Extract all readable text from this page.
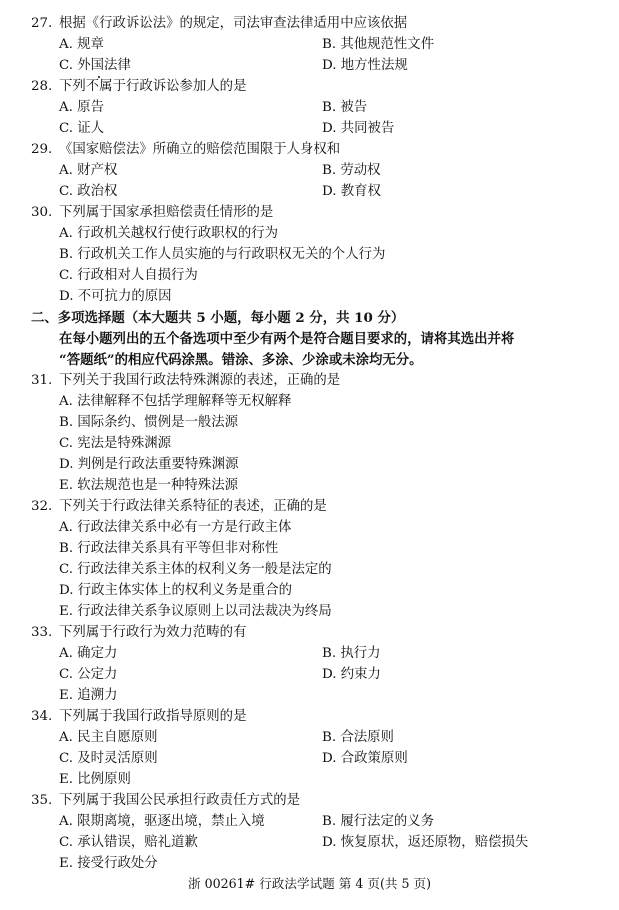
27. 根据《行政诉讼法》的规定，司法审查法律适用中应该依据
A. 规章	B. 其他规范性文件
C. 外国法律	D. 地方性法规
28. 下列不属于行政诉讼参加人的是
A. 原告	B. 被告
C. 证人	D. 共同被告
29. 《国家赔偿法》所确立的赔偿范围限于人身权和
A. 财产权	B. 劳动权
C. 政治权	D. 教育权
30. 下列属于国家承担赔偿责任情形的是
A. 行政机关越权行使行政职权的行为
B. 行政机关工作人员实施的与行政职权无关的个人行为
C. 行政相对人自损行为
D. 不可抗力的原因
二、多项选择题（本大题共 5 小题，每小题 2 分，共 10 分）
在每小题列出的五个备选项中至少有两个是符合题目要求的，请将其选出并将
“答题纸”的相应代码涂黑。错涂、多涂、少涂或未涂均无分。
31. 下列关于我国行政法特殊渊源的表述，正确的是
A. 法律解释不包括学理解释等无权解释
B. 国际条约、惯例是一般法源
C. 宪法是特殊渊源
D. 判例是行政法重要特殊渊源
E. 软法规范也是一种特殊法源
32. 下列关于行政法律关系特征的表述，正确的是
A. 行政法律关系中必有一方是行政主体
B. 行政法律关系具有平等但非对称性
C. 行政法律关系主体的权利义务一般是法定的
D. 行政主体实体上的权利义务是重合的
E. 行政法律关系争议原则上以司法裁决为终局
33. 下列属于行政行为效力范畴的有
A. 确定力	B. 执行力
C. 公定力	D. 约束力
E. 追溯力
34. 下列属于我国行政指导原则的是
A. 民主自愿原则	B. 合法原则
C. 及时灵活原则	D. 合政策原则
E. 比例原则
35. 下列属于我国公民承担行政责任方式的是
A. 限期离境，驱逐出境，禁止入境	B. 履行法定的义务
C. 承认错误，赔礼道歉	D. 恢复原状，返还原物，赔偿损失
E. 接受行政处分
浙 00261# 行政法学试题 第 4 页(共 5 页)
